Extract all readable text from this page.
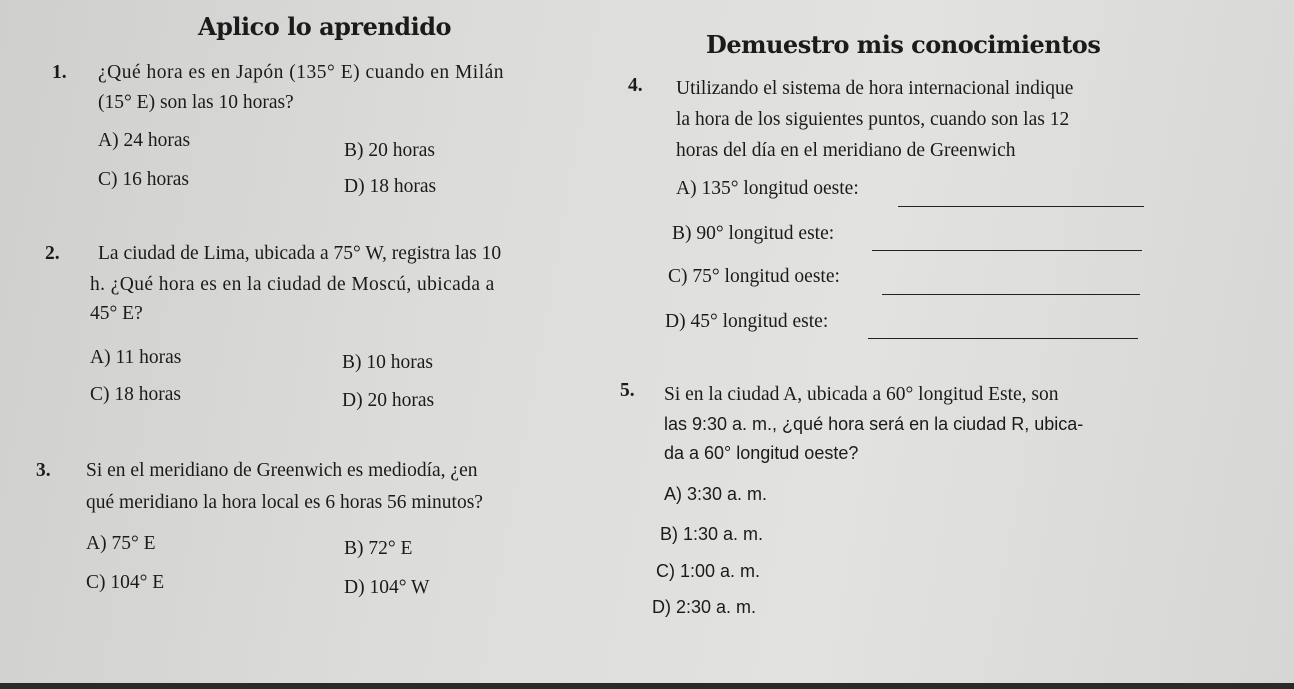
Aplico lo aprendido
Demuestro mis conocimientos
1. ¿Qué hora es en Japón (135° E) cuando en Milán
(15° E) son las 10 horas?
A) 24 horas	B) 20 horas
C) 16 horas	D) 18 horas
2. La ciudad de Lima, ubicada a 75° W, registra las 10
h. ¿Qué hora es en la ciudad de Moscú, ubicada a
45° E?
A) 11 horas	B) 10 horas
C) 18 horas	D) 20 horas
3. Si en el meridiano de Greenwich es mediodía, ¿en
qué meridiano la hora local es 6 horas 56 minutos?
A) 75° E	B) 72° E
C) 104° E	D) 104° W
4. Utilizando el sistema de hora internacional indique
la hora de los siguientes puntos, cuando son las 12
horas del día en el meridiano de Greenwich
A) 135° longitud oeste:
B) 90° longitud este:
C) 75° longitud oeste:
D) 45° longitud este:
5. Si en la ciudad A, ubicada a 60° longitud Este, son
las 9:30 a. m., ¿qué hora será en la ciudad R, ubica-
da a 60° longitud oeste?
A) 3:30 a. m.
B) 1:30 a. m.
C) 1:00 a. m.
D) 2:30 a. m.
